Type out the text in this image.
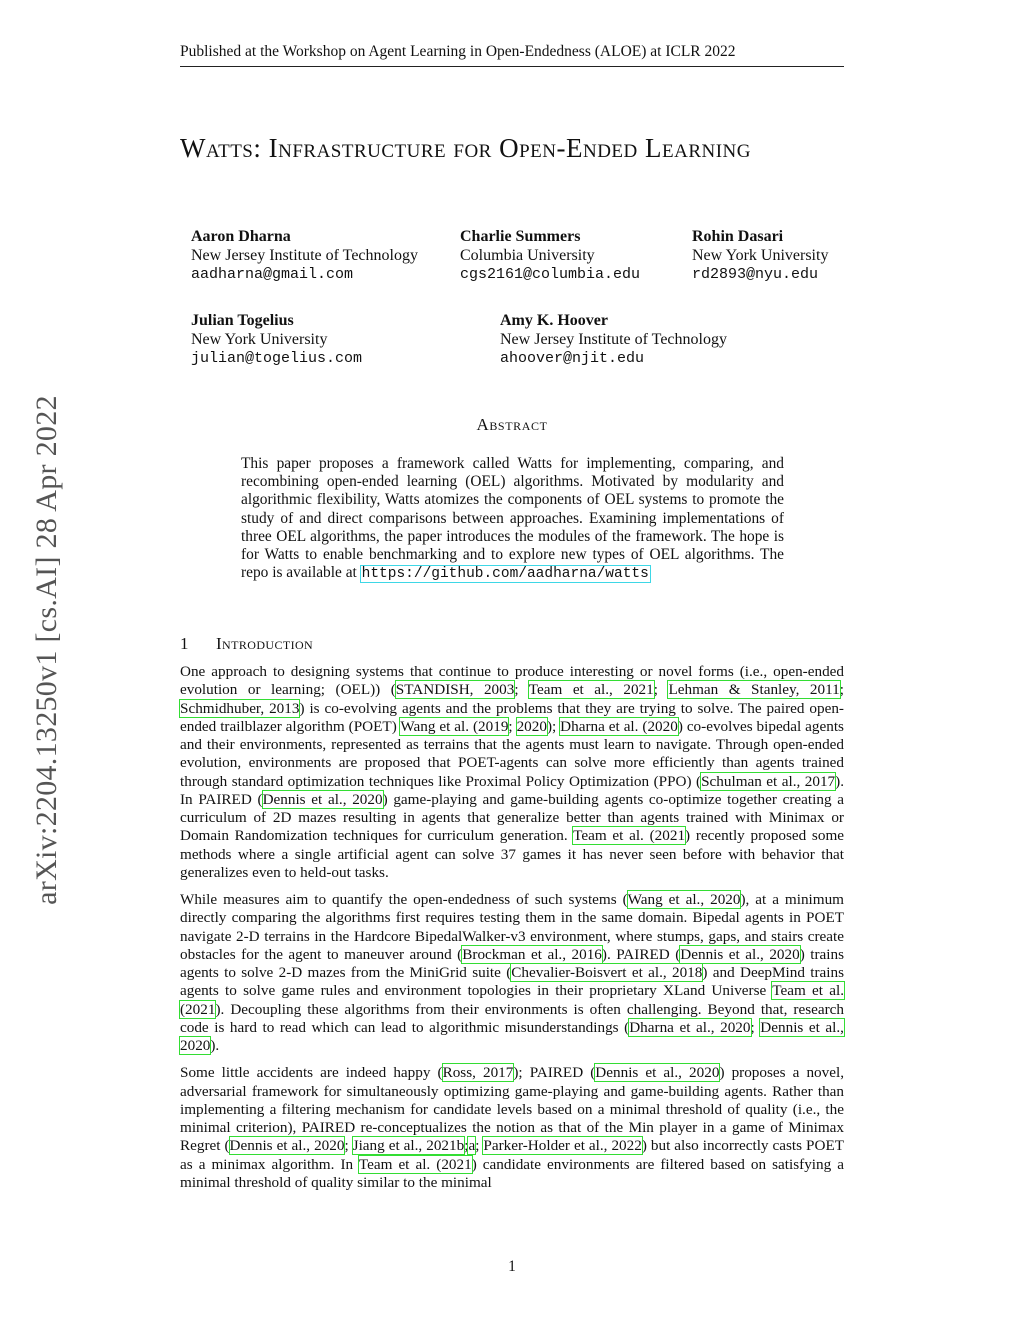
Published at the Workshop on Agent Learning in Open-Endedness (ALOE) at ICLR 2022
arXiv:2204.13250v1 [cs.AI] 28 Apr 2022
Watts: Infrastructure for Open-Ended Learning
Aaron Dharna
New Jersey Institute of Technology
aadharna@gmail.com
Charlie Summers
Columbia University
cgs2161@columbia.edu
Rohin Dasari
New York University
rd2893@nyu.edu
Julian Togelius
New York University
julian@togelius.com
Amy K. Hoover
New Jersey Institute of Technology
ahoover@njit.edu
Abstract
This paper proposes a framework called Watts for implementing, comparing, and recombining open-ended learning (OEL) algorithms. Motivated by modularity and algorithmic flexibility, Watts atomizes the components of OEL systems to promote the study of and direct comparisons between approaches. Examining implementations of three OEL algorithms, the paper introduces the modules of the framework. The hope is for Watts to enable benchmarking and to explore new types of OEL algorithms. The repo is available at https://github.com/aadharna/watts
1 Introduction

One approach to designing systems that continue to produce interesting or novel forms (i.e., open-ended evolution or learning; (OEL)) (STANDISH, 2003; Team et al., 2021; Lehman & Stanley, 2011; Schmidhuber, 2013) is co-evolving agents and the problems that they are trying to solve. The paired open-ended trailblazer algorithm (POET) Wang et al. (2019; 2020); Dharna et al. (2020) co-evolves bipedal agents and their environments, represented as terrains that the agents must learn to navigate. Through open-ended evolution, environments are proposed that POET-agents can solve more efficiently than agents trained through standard optimization techniques like Proximal Policy Optimization (PPO) (Schulman et al., 2017). In PAIRED (Dennis et al., 2020) game-playing and game-building agents co-optimize together creating a curriculum of 2D mazes resulting in agents that generalize better than agents trained with Minimax or Domain Randomization techniques for curriculum generation. Team et al. (2021) recently proposed some methods where a single artificial agent can solve 37 games it has never seen before with behavior that generalizes even to held-out tasks.

While measures aim to quantify the open-endedness of such systems (Wang et al., 2020), at a minimum directly comparing the algorithms first requires testing them in the same domain. Bipedal agents in POET navigate 2-D terrains in the Hardcore BipedalWalker-v3 environment, where stumps, gaps, and stairs create obstacles for the agent to maneuver around (Brockman et al., 2016). PAIRED (Dennis et al., 2020) trains agents to solve 2-D mazes from the MiniGrid suite (Chevalier-Boisvert et al., 2018) and DeepMind trains agents to solve game rules and environment topologies in their proprietary XLand Universe Team et al. (2021). Decoupling these algorithms from their environments is often challenging. Beyond that, research code is hard to read which can lead to algorithmic misunderstandings (Dharna et al., 2020; Dennis et al., 2020).

Some little accidents are indeed happy (Ross, 2017); PAIRED (Dennis et al., 2020) proposes a novel, adversarial framework for simultaneously optimizing game-playing and game-building agents. Rather than implementing a filtering mechanism for candidate levels based on a minimal threshold of quality (i.e., the minimal criterion), PAIRED re-conceptualizes the notion as that of the Min player in a game of Minimax Regret (Dennis et al., 2020; Jiang et al., 2021b;a; Parker-Holder et al., 2022) but also incorrectly casts POET as a minimax algorithm. In Team et al. (2021) candidate environments are filtered based on satisfying a minimal threshold of quality similar to the minimal

1
